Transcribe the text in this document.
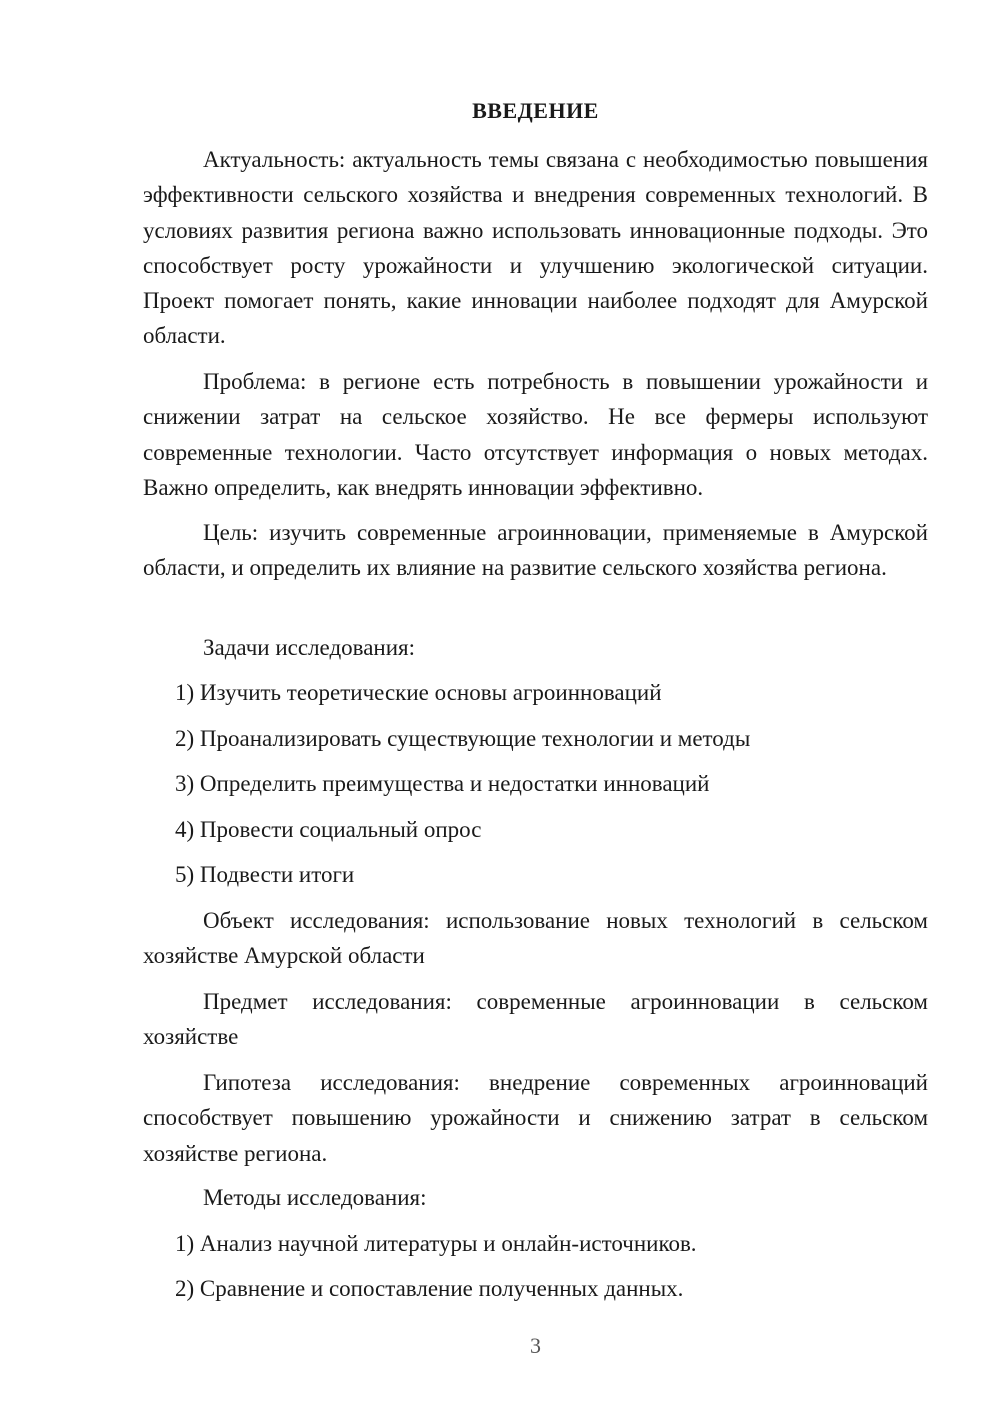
ВВЕДЕНИЕ

Актуальность: актуальность темы связана с необходимостью повышения эффективности сельского хозяйства и внедрения современных технологий. В условиях развития региона важно использовать инновационные подходы. Это способствует росту урожайности и улучшению экологической ситуации. Проект помогает понять, какие инновации наиболее подходят для Амурской области.

Проблема: в регионе есть потребность в повышении урожайности и снижении затрат на сельское хозяйство. Не все фермеры используют современные технологии. Часто отсутствует информация о новых методах. Важно определить, как внедрять инновации эффективно.

Цель: изучить современные агроинновации, применяемые в Амурской области, и определить их влияние на развитие сельского хозяйства региона.

Задачи исследования:
1) Изучить теоретические основы агроинноваций
2) Проанализировать существующие технологии и методы
3) Определить преимущества и недостатки инноваций
4) Провести социальный опрос
5) Подвести итоги

Объект исследования: использование новых технологий в сельском хозяйстве Амурской области

Предмет исследования: современные агроинновации в сельском хозяйстве

Гипотеза исследования: внедрение современных агроинноваций способствует повышению урожайности и снижению затрат в сельском хозяйстве региона.

Методы исследования:
1) Анализ научной литературы и онлайн-источников.
2) Сравнение и сопоставление полученных данных.
3
